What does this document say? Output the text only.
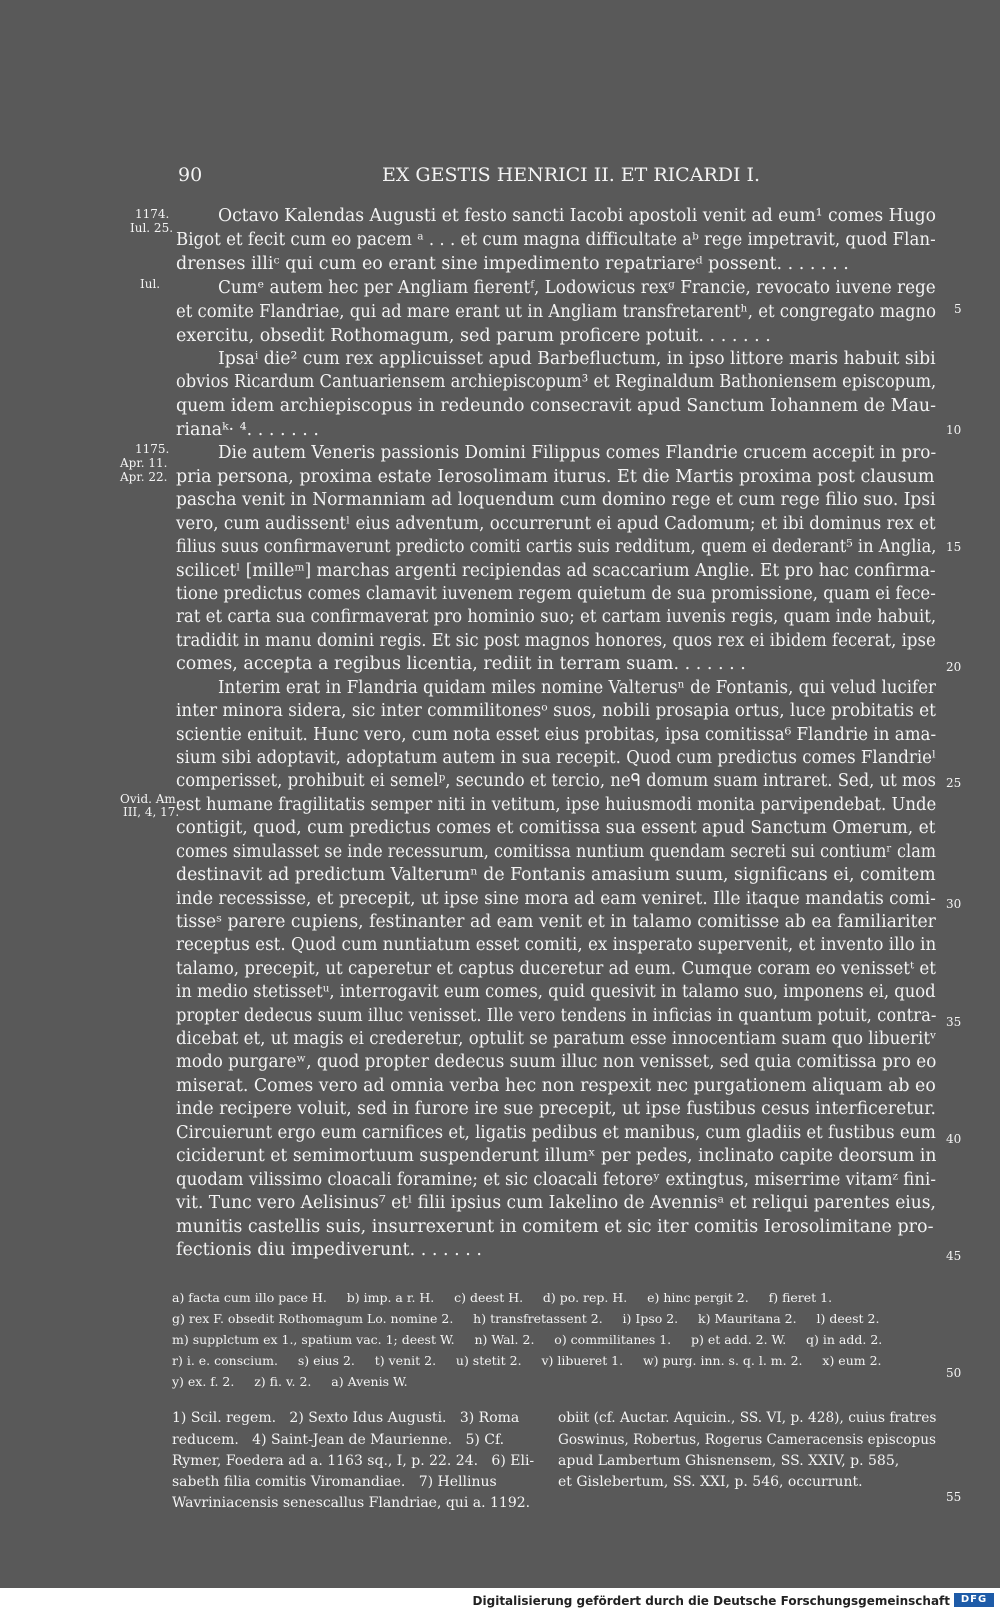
90	EX GESTIS HENRICI II. ET RICARDI I.
1174.
Iul. 25.
Iul.
1175.
Apr. 11.
Apr. 22.
Ovid. Am.
III, 4, 17.
5
10
15
20
25
30
35
40
45
50
55
Octavo Kalendas Augusti et festo sancti Iacobi apostoli venit ad eum¹ comes Hugo
Bigot et fecit cum eo pacem ᵃ . . . et cum magna difficultate aᵇ rege impetravit, quod Flan-
drenses illiᶜ qui cum eo erant sine impedimento repatriareᵈ possent. . . . . . .
Cumᵉ autem hec per Angliam fierentᶠ, Lodowicus rexᵍ Francie, revocato iuvene rege
et comite Flandriae, qui ad mare erant ut in Angliam transfretarentʰ, et congregato magno
exercitu, obsedit Rothomagum, sed parum proficere potuit. . . . . . .
Ipsaⁱ die² cum rex applicuisset apud Barbefluctum, in ipso littore maris habuit sibi
obvios Ricardum Cantuariensem archiepiscopum³ et Reginaldum Bathoniensem episcopum,
quem idem archiepiscopus in redeundo consecravit apud Sanctum Iohannem de Mau-
rianaᵏ· ⁴. . . . . . .
Die autem Veneris passionis Domini Filippus comes Flandrie crucem accepit in pro-
pria persona, proxima estate Ierosolimam iturus. Et die Martis proxima post clausum
pascha venit in Normanniam ad loquendum cum domino rege et cum rege filio suo. Ipsi
vero, cum audissentˡ eius adventum, occurrerunt ei apud Cadomum; et ibi dominus rex et
filius suus confirmaverunt predicto comiti cartis suis redditum, quem ei dederant⁵ in Anglia,
scilicetˡ [milleᵐ] marchas argenti recipiendas ad scaccarium Anglie. Et pro hac confirma-
tione predictus comes clamavit iuvenem regem quietum de sua promissione, quam ei fece-
rat et carta sua confirmaverat pro hominio suo; et cartam iuvenis regis, quam inde habuit,
tradidit in manu domini regis. Et sic post magnos honores, quos rex ei ibidem fecerat, ipse
comes, accepta a regibus licentia, rediit in terram suam. . . . . . .
Interim erat in Flandria quidam miles nomine Valterusⁿ de Fontanis, qui velud lucifer
inter minora sidera, sic inter commilitonesᵒ suos, nobili prosapia ortus, luce probitatis et
scientie enituit. Hunc vero, cum nota esset eius probitas, ipsa comitissa⁶ Flandrie in ama-
sium sibi adoptavit, adoptatum autem in sua recepit. Quod cum predictus comes Flandrieˡ
comperisset, prohibuit ei semelᵖ, secundo et tercio, neᑫ domum suam intraret. Sed, ut mos
est humane fragilitatis semper niti in vetitum, ipse huiusmodi monita parvipendebat. Unde
contigit, quod, cum predictus comes et comitissa sua essent apud Sanctum Omerum, et
comes simulasset se inde recessurum, comitissa nuntium quendam secreti sui contiumʳ clam
destinavit ad predictum Valterumⁿ de Fontanis amasium suum, significans ei, comitem
inde recessisse, et precepit, ut ipse sine mora ad eam veniret. Ille itaque mandatis comi-
tisseˢ parere cupiens, festinanter ad eam venit et in talamo comitisse ab ea familiariter
receptus est. Quod cum nuntiatum esset comiti, ex insperato supervenit, et invento illo in
talamo, precepit, ut caperetur et captus duceretur ad eum. Cumque coram eo venissetᵗ et
in medio stetissetᵘ, interrogavit eum comes, quid quesivit in talamo suo, imponens ei, quod
propter dedecus suum illuc venisset. Ille vero tendens in inficias in quantum potuit, contra-
dicebat et, ut magis ei crederetur, optulit se paratum esse innocentiam suam quo libueritᵛ
modo purgareʷ, quod propter dedecus suum illuc non venisset, sed quia comitissa pro eo
miserat. Comes vero ad omnia verba hec non respexit nec purgationem aliquam ab eo
inde recipere voluit, sed in furore ire sue precepit, ut ipse fustibus cesus interficeretur.
Circuierunt ergo eum carnifices et, ligatis pedibus et manibus, cum gladiis et fustibus eum
ciciderunt et semimortuum suspenderunt illumˣ per pedes, inclinato capite deorsum in
quodam vilissimo cloacali foramine; et sic cloacali fetoreʸ extingtus, miserrime vitamᶻ fini-
vit. Tunc vero Aelisinus⁷ etˡ filii ipsius cum Iakelino de Avennisᵃ et reliqui parentes eius,
munitis castellis suis, insurrexerunt in comitem et sic iter comitis Ierosolimitane pro-
fectionis diu impediverunt. . . . . . .
a) facta cum illo pace H.     b) imp. a r. H.     c) deest H.     d) po. rep. H.     e) hinc pergit 2.     f) fieret 1.
g) rex F. obsedit Rothomagum Lo. nomine 2.     h) transfretassent 2.     i) Ipso 2.     k) Mauritana 2.     l) deest 2.
m) supplctum ex 1., spatium vac. 1; deest W.     n) Wal. 2.     o) commilitanes 1.     p) et add. 2. W.     q) in add. 2.
r) i. e. conscium.     s) eius 2.     t) venit 2.     u) stetit 2.     v) libueret 1.     w) purg. inn. s. q. l. m. 2.     x) eum 2.
y) ex. f. 2.     z) fi. v. 2.     a) Avenis W.
1) Scil. regem.   2) Sexto Idus Augusti.   3) Roma
reducem.   4) Saint-Jean de Maurienne.   5) Cf.
Rymer, Foedera ad a. 1163 sq., I, p. 22. 24.   6) Eli-
sabeth filia comitis Viromandiae.   7) Hellinus
Wavriniacensis senescallus Flandriae, qui a. 1192.
obiit (cf. Auctar. Aquicin., SS. VI, p. 428), cuius fratres
Goswinus, Robertus, Rogerus Cameracensis episcopus
apud Lambertum Ghisnensem, SS. XXIV, p. 585,
et Gislebertum, SS. XXI, p. 546, occurrunt.
Digitalisierung gefördert durch die Deutsche Forschungsgemeinschaft	DFG
